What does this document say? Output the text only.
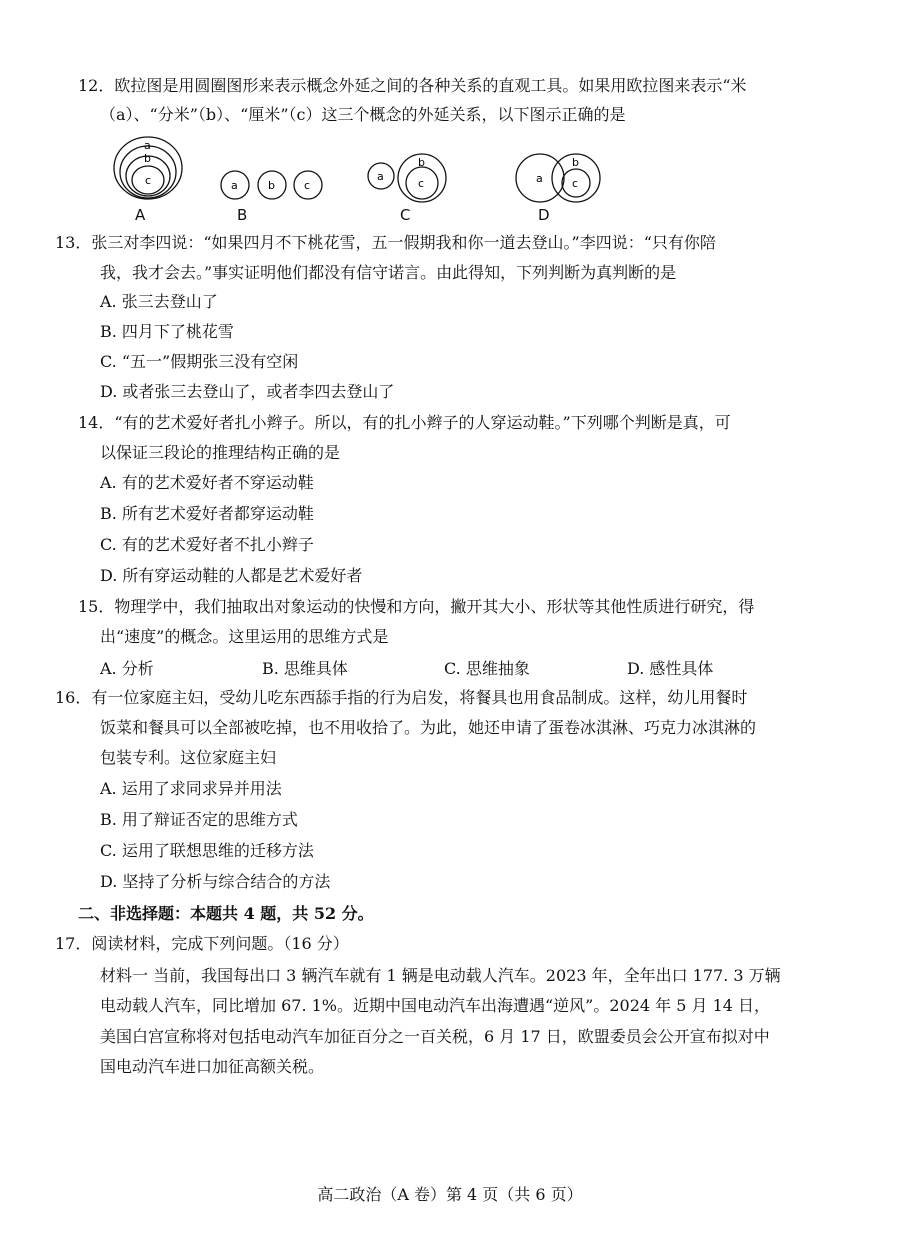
12．欧拉图是用圆圈图形来表示概念外延之间的各种关系的直观工具。如果用欧拉图来表示“米
（a）、“分米”（b）、“厘米”（c）这三个概念的外延关系，以下图示正确的是
a
b
c
A
a	b	c
B
a
b
c
C
a
b
c
D
13．张三对李四说：“如果四月不下桃花雪，五一假期我和你一道去登山。”李四说：“只有你陪
我，我才会去。”事实证明他们都没有信守诺言。由此得知，下列判断为真判断的是
A. 张三去登山了
B. 四月下了桃花雪
C. “五一”假期张三没有空闲
D. 或者张三去登山了，或者李四去登山了
14．“有的艺术爱好者扎小辫子。所以，有的扎小辫子的人穿运动鞋。”下列哪个判断是真，可
以保证三段论的推理结构正确的是
A. 有的艺术爱好者不穿运动鞋
B. 所有艺术爱好者都穿运动鞋
C. 有的艺术爱好者不扎小辫子
D. 所有穿运动鞋的人都是艺术爱好者
15．物理学中，我们抽取出对象运动的快慢和方向，撇开其大小、形状等其他性质进行研究，得
出“速度”的概念。这里运用的思维方式是
A. 分析	B. 思维具体	C. 思维抽象	D. 感性具体
16．有一位家庭主妇，受幼儿吃东西舔手指的行为启发，将餐具也用食品制成。这样，幼儿用餐时
饭菜和餐具可以全部被吃掉，也不用收拾了。为此，她还申请了蛋卷冰淇淋、巧克力冰淇淋的
包装专利。这位家庭主妇
A. 运用了求同求异并用法
B. 用了辩证否定的思维方式
C. 运用了联想思维的迁移方法
D. 坚持了分析与综合结合的方法
二、非选择题：本题共 4 题，共 52 分。
17．阅读材料，完成下列问题。（16 分）
材料一 当前，我国每出口 3 辆汽车就有 1 辆是电动载人汽车。2023 年，全年出口 177. 3 万辆
电动载人汽车，同比增加 67. 1%。近期中国电动汽车出海遭遇“逆风”。2024 年 5 月 14 日，
美国白宫宣称将对包括电动汽车加征百分之一百关税，6 月 17 日，欧盟委员会公开宣布拟对中
国电动汽车进口加征高额关税。
高二政治（A 卷）第 4 页（共 6 页）
